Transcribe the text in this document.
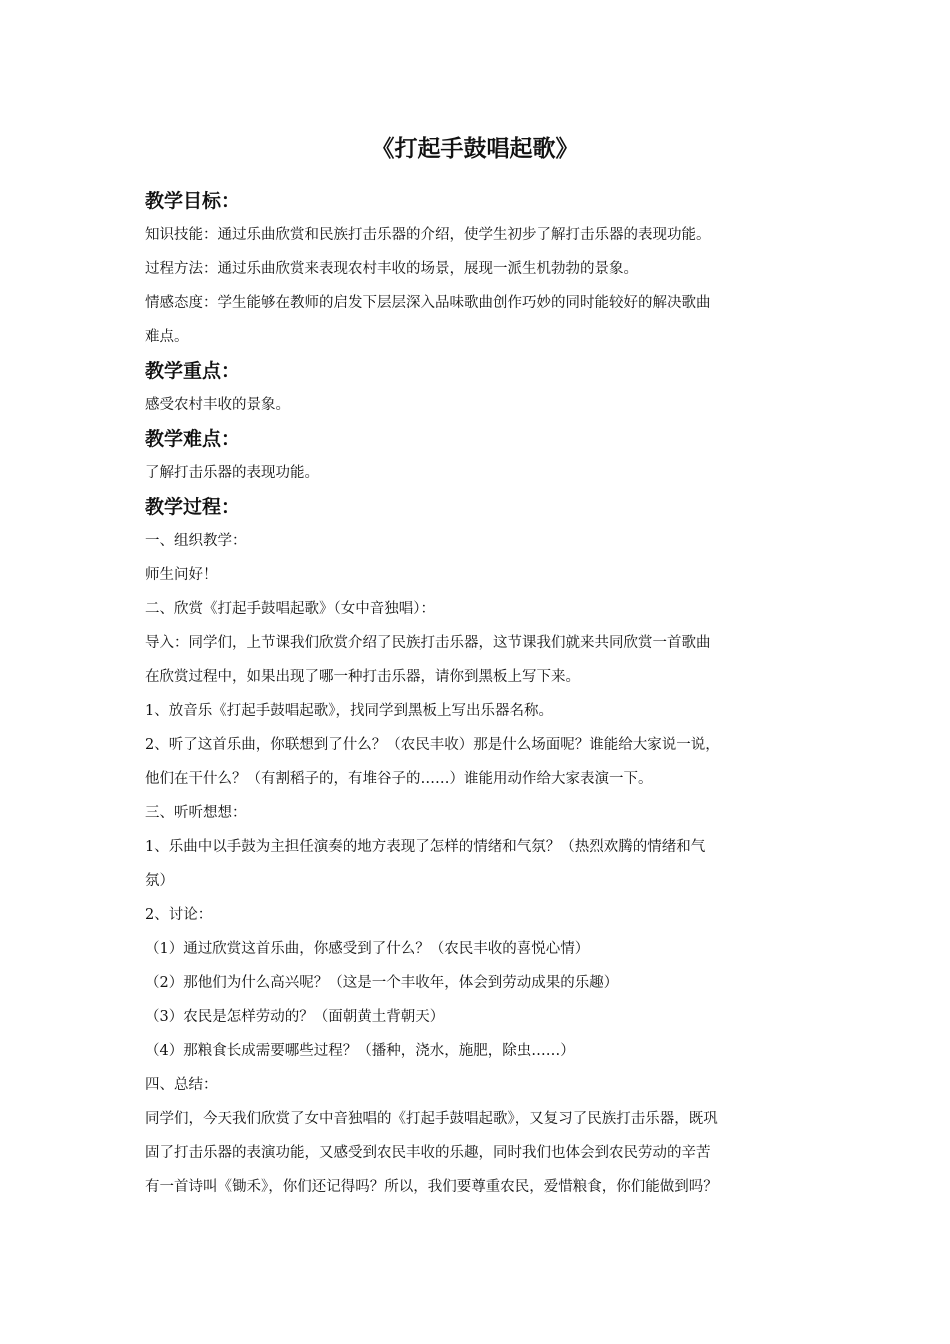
《打起手鼓唱起歌》
教学目标：
知识技能：通过乐曲欣赏和民族打击乐器的介绍，使学生初步了解打击乐器的表现功能。
过程方法：通过乐曲欣赏来表现农村丰收的场景，展现一派生机勃勃的景象。
情感态度：学生能够在教师的启发下层层深入品味歌曲创作巧妙的同时能较好的解决歌曲
难点。
教学重点：
感受农村丰收的景象。
教学难点：
了解打击乐器的表现功能。
教学过程：
一、组织教学：
师生问好！
二、欣赏《打起手鼓唱起歌》（女中音独唱）：
导入：同学们，上节课我们欣赏介绍了民族打击乐器，这节课我们就来共同欣赏一首歌曲
在欣赏过程中，如果出现了哪一种打击乐器，请你到黑板上写下来。
1、放音乐《打起手鼓唱起歌》，找同学到黑板上写出乐器名称。
2、听了这首乐曲，你联想到了什么？（农民丰收）那是什么场面呢？谁能给大家说一说，
他们在干什么？（有割稻子的，有堆谷子的……）谁能用动作给大家表演一下。
三、听听想想：
1、乐曲中以手鼓为主担任演奏的地方表现了怎样的情绪和气氛？（热烈欢腾的情绪和气
氛）
2、讨论：
（1）通过欣赏这首乐曲，你感受到了什么？（农民丰收的喜悦心情）
（2）那他们为什么高兴呢？（这是一个丰收年，体会到劳动成果的乐趣）
（3）农民是怎样劳动的？（面朝黄土背朝天）
（4）那粮食长成需要哪些过程？（播种，浇水，施肥，除虫……）
四、总结：
同学们，今天我们欣赏了女中音独唱的《打起手鼓唱起歌》，又复习了民族打击乐器，既巩
固了打击乐器的表演功能，又感受到农民丰收的乐趣，同时我们也体会到农民劳动的辛苦
有一首诗叫《锄禾》，你们还记得吗？所以，我们要尊重农民，爱惜粮食，你们能做到吗？
